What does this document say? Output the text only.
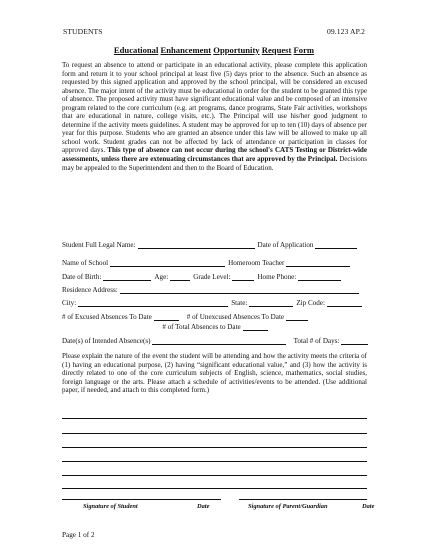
STUDENTS	09.123 AP.2
Educational Enhancement Opportunity Request Form

To request an absence to attend or participate in an educational activity, please complete this application form and return it to your school principal at least five (5) days prior to the absence. Such an absence as requested by this signed application and approved by the school principal, will be considered an excused absence. The major intent of the activity must be educational in order for the student to be granted this type of absence. The proposed activity must have significant educational value and be composed of an intensive program related to the core curriculum (e.g. art programs, dance programs, State Fair activities, workshops that are educational in nature, college visits, etc.). The Principal will use his/her good judgment to determine if the activity meets guidelines. A student may be approved for up to ten (10) days of absence per year for this purpose. Students who are granted an absence under this law will be allowed to make up all school work. Student grades can not be affected by lack of attendance or participation in classes for approved days. This type of absence can not occur during the school's CATS Testing or District-wide assessments, unless there are extenuating circumstances that are approved by the Principal. Decisions may be appealed to the Superintendent and then to the Board of Education.

Student Full Legal Name:	Date of Application
Name of School	Homeroom Teacher
Date of Birth:	Age:	Grade Level:	Home Phone:
Residence Address:
City:	State:	Zip Code:
# of Excused Absences To Date	# of Unexcused Absences To Date
# of Total Absences to Date

Please explain the nature of the event the student will be attending and how the activity meets the criteria of (1) having an educational purpose, (2) having “significant educational value,” and (3) how the activity is directly related to one of the core curriculum subjects of English, science, mathematics, social studies, foreign language or the arts. Please attach a schedule of activities/events to be attended. (Use additional paper, if needed, and attach to this completed form.)

Signature of Student	Date	Signature of Parent/Guardian	Date
Page 1 of 2
Date(s) of Intended Absence(s)	Total # of Days:
